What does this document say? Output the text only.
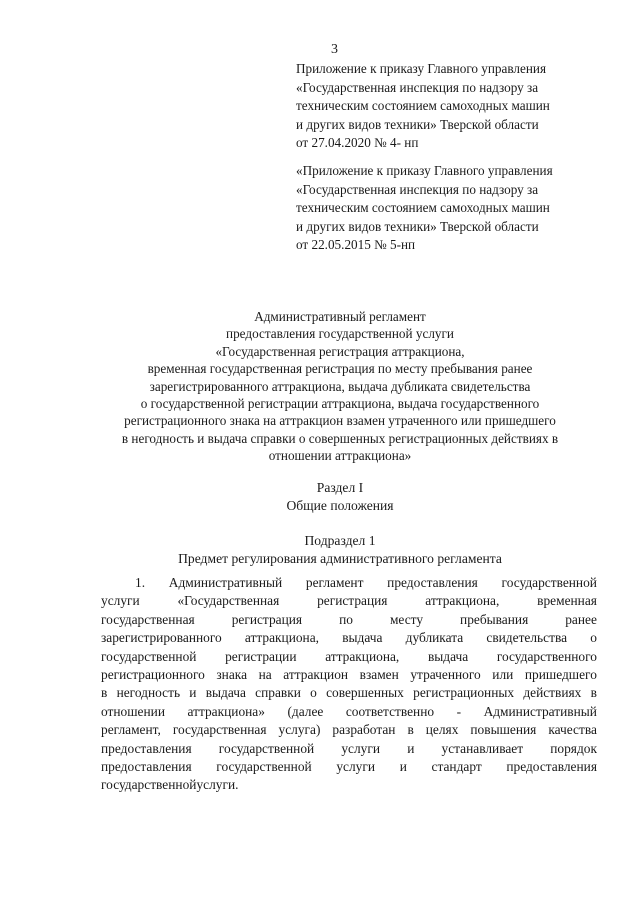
3
Приложение к приказу Главного управления
«Государственная инспекция по надзору за
техническим состоянием самоходных машин
и других видов техники» Тверской области
от 27.04.2020 № 4- нп
«Приложение к приказу Главного управления
«Государственная инспекция по надзору за
техническим состоянием самоходных машин
и других видов техники» Тверской области
от 22.05.2015 № 5-нп
Административный регламент
предоставления государственной услуги
«Государственная регистрация аттракциона,
временная государственная регистрация по месту пребывания ранее
зарегистрированного аттракциона, выдача дубликата свидетельства
о государственной регистрации аттракциона, выдача государственного
регистрационного знака на аттракцион взамен утраченного или пришедшего
в негодность и выдача справки о совершенных регистрационных действиях в
отношении аттракциона»
Раздел I
Общие положения
Подраздел 1
Предмет регулирования административного регламента
1. Административный регламент предоставления государственной
услуги	«Государственная	регистрация	аттракциона,	временная
государственная	регистрация	по	месту	пребывания	ранее
зарегистрированного аттракциона, выдача дубликата свидетельства о
государственной регистрации аттракциона, выдача государственного
регистрационного знака на аттракцион взамен утраченного или пришедшего
в негодность и выдача справки о совершенных регистрационных действиях в
отношении аттракциона» (далее соответственно - Административный
регламент, государственная услуга) разработан в целях повышения качества
предоставления государственной услуги и устанавливает порядок
предоставления государственной услуги и стандарт предоставления
государственной услуги.
